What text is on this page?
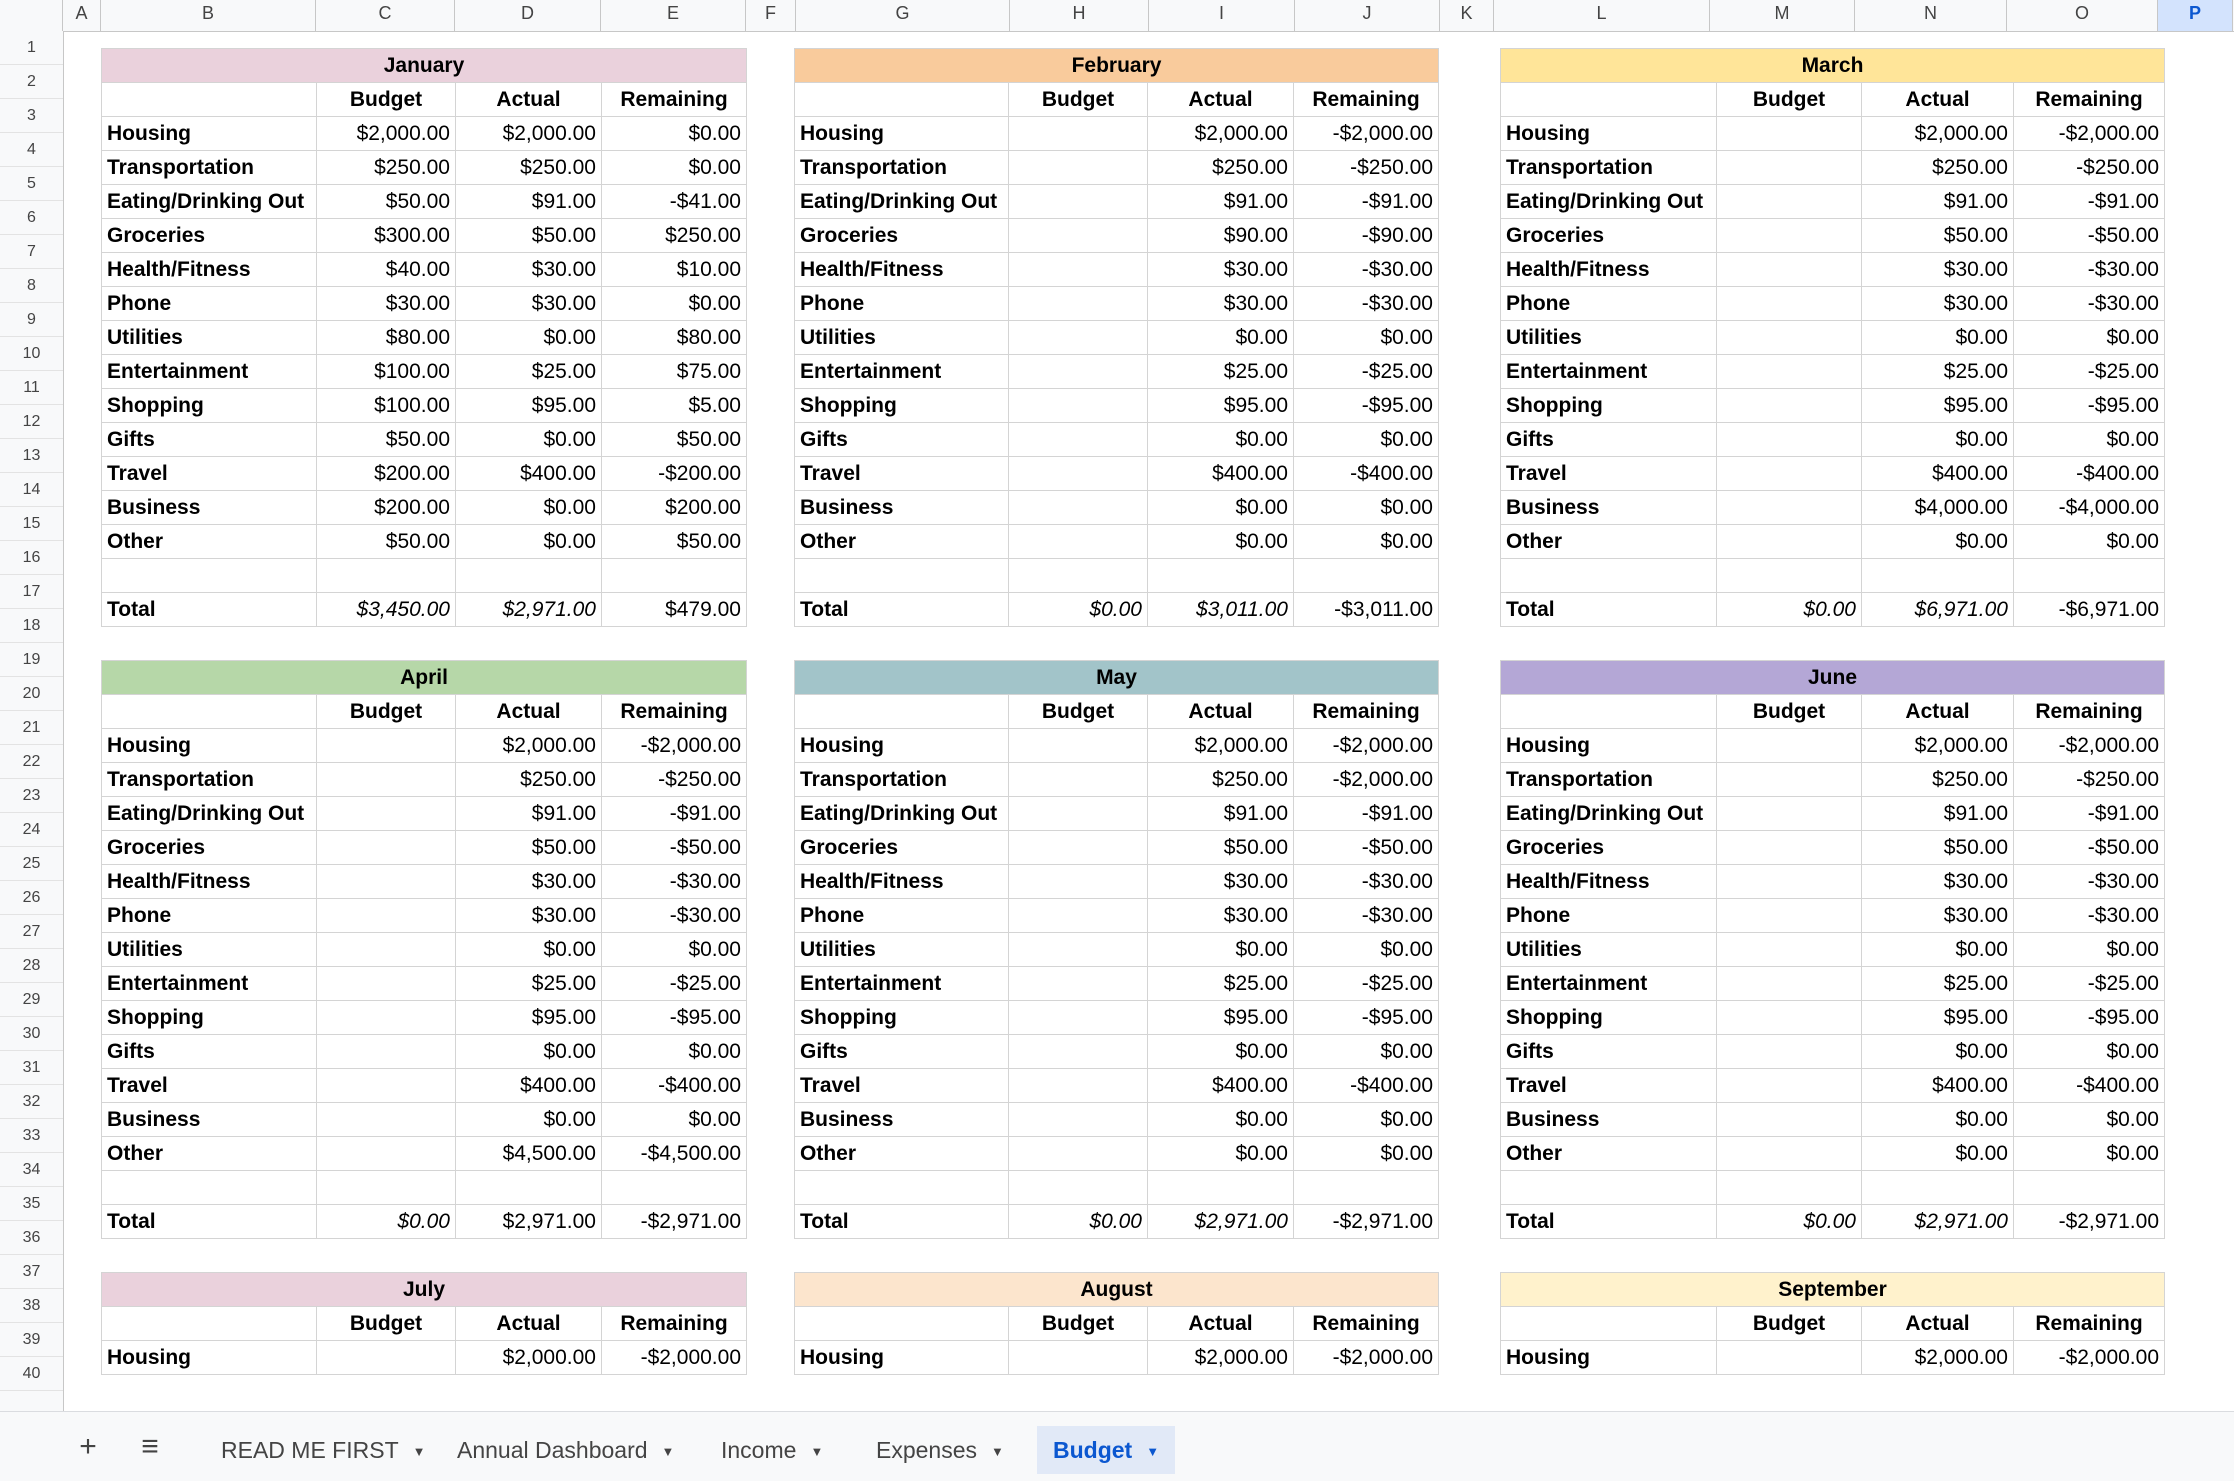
A	B	C	D	E	F	G	H	I	J	K	L	M	N	O	P
1
2
3
4
5
6
7
8
9
10
11
12
13
14
15
16
17
18
19
20
21
22
23
24
25
26
27
28
29
30
31
32
33
34
35
36
37
38
39
40
January			
	Budget	Actual	Remaining
Housing	$2,000.00	$2,000.00	$0.00
Transportation	$250.00	$250.00	$0.00
Eating/Drinking Out	$50.00	$91.00	-$41.00
Groceries	$300.00	$50.00	$250.00
Health/Fitness	$40.00	$30.00	$10.00
Phone	$30.00	$30.00	$0.00
Utilities	$80.00	$0.00	$80.00
Entertainment	$100.00	$25.00	$75.00
Shopping	$100.00	$95.00	$5.00
Gifts	$50.00	$0.00	$50.00
Travel	$200.00	$400.00	-$200.00
Business	$200.00	$0.00	$200.00
Other	$50.00	$0.00	$50.00

Total	$3,450.00	$2,971.00	$479.00
February			
	Budget	Actual	Remaining
Housing		$2,000.00	-$2,000.00
Transportation		$250.00	-$250.00
Eating/Drinking Out		$91.00	-$91.00
Groceries		$90.00	-$90.00
Health/Fitness		$30.00	-$30.00
Phone		$30.00	-$30.00
Utilities		$0.00	$0.00
Entertainment		$25.00	-$25.00
Shopping		$95.00	-$95.00
Gifts		$0.00	$0.00
Travel		$400.00	-$400.00
Business		$0.00	$0.00
Other		$0.00	$0.00

Total	$0.00	$3,011.00	-$3,011.00
March			
	Budget	Actual	Remaining
Housing		$2,000.00	-$2,000.00
Transportation		$250.00	-$250.00
Eating/Drinking Out		$91.00	-$91.00
Groceries		$50.00	-$50.00
Health/Fitness		$30.00	-$30.00
Phone		$30.00	-$30.00
Utilities		$0.00	$0.00
Entertainment		$25.00	-$25.00
Shopping		$95.00	-$95.00
Gifts		$0.00	$0.00
Travel		$400.00	-$400.00
Business		$4,000.00	-$4,000.00
Other		$0.00	$0.00

Total	$0.00	$6,971.00	-$6,971.00
April			
	Budget	Actual	Remaining
Housing		$2,000.00	-$2,000.00
Transportation		$250.00	-$250.00
Eating/Drinking Out		$91.00	-$91.00
Groceries		$50.00	-$50.00
Health/Fitness		$30.00	-$30.00
Phone		$30.00	-$30.00
Utilities		$0.00	$0.00
Entertainment		$25.00	-$25.00
Shopping		$95.00	-$95.00
Gifts		$0.00	$0.00
Travel		$400.00	-$400.00
Business		$0.00	$0.00
Other		$4,500.00	-$4,500.00

Total	$0.00	$2,971.00	-$2,971.00
May			
	Budget	Actual	Remaining
Housing		$2,000.00	-$2,000.00
Transportation		$250.00	-$2,000.00
Eating/Drinking Out		$91.00	-$91.00
Groceries		$50.00	-$50.00
Health/Fitness		$30.00	-$30.00
Phone		$30.00	-$30.00
Utilities		$0.00	$0.00
Entertainment		$25.00	-$25.00
Shopping		$95.00	-$95.00
Gifts		$0.00	$0.00
Travel		$400.00	-$400.00
Business		$0.00	$0.00
Other		$0.00	$0.00

Total	$0.00	$2,971.00	-$2,971.00
June			
	Budget	Actual	Remaining
Housing		$2,000.00	-$2,000.00
Transportation		$250.00	-$250.00
Eating/Drinking Out		$91.00	-$91.00
Groceries		$50.00	-$50.00
Health/Fitness		$30.00	-$30.00
Phone		$30.00	-$30.00
Utilities		$0.00	$0.00
Entertainment		$25.00	-$25.00
Shopping		$95.00	-$95.00
Gifts		$0.00	$0.00
Travel		$400.00	-$400.00
Business		$0.00	$0.00
Other		$0.00	$0.00

Total	$0.00	$2,971.00	-$2,971.00
July			
	Budget	Actual	Remaining
Housing		$2,000.00	-$2,000.00
August			
	Budget	Actual	Remaining
Housing		$2,000.00	-$2,000.00
September			
	Budget	Actual	Remaining
Housing		$2,000.00	-$2,000.00
+	≡	READ ME FIRST ▼	Annual Dashboard ▼	Income ▼	Expenses ▼	Budget ▼
